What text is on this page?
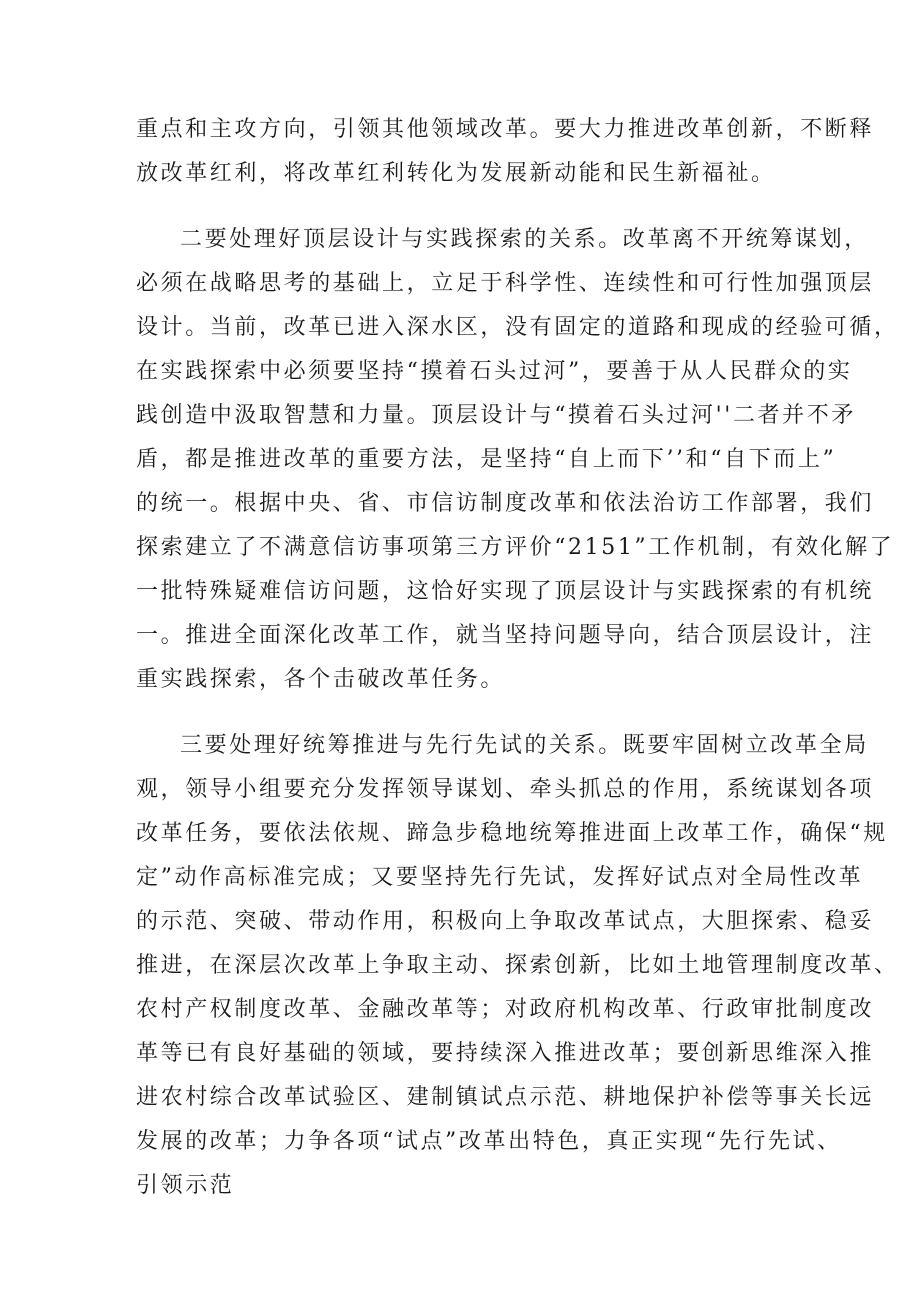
重点和主攻方向，引领其他领域改革。要大力推进改革创新，不断释
放改革红利，将改革红利转化为发展新动能和民生新福祉。
二要处理好顶层设计与实践探索的关系。改革离不开统筹谋划，
必须在战略思考的基础上，立足于科学性、连续性和可行性加强顶层
设计。当前，改革已进入深水区，没有固定的道路和现成的经验可循，
在实践探索中必须要坚持“摸着石头过河”，要善于从人民群众的实
践创造中汲取智慧和力量。顶层设计与“摸着石头过河''二者并不矛
盾，都是推进改革的重要方法，是坚持“自上而下’’和“自下而上”
的统一。根据中央、省、市信访制度改革和依法治访工作部署，我们
探索建立了不满意信访事项第三方评价“2151”工作机制，有效化解了
一批特殊疑难信访问题，这恰好实现了顶层设计与实践探索的有机统
一。推进全面深化改革工作，就当坚持问题导向，结合顶层设计，注
重实践探索，各个击破改革任务。
三要处理好统筹推进与先行先试的关系。既要牢固树立改革全局
观，领导小组要充分发挥领导谋划、牵头抓总的作用，系统谋划各项
改革任务，要依法依规、蹄急步稳地统筹推进面上改革工作，确保“规
定”动作高标准完成；又要坚持先行先试，发挥好试点对全局性改革
的示范、突破、带动作用，积极向上争取改革试点，大胆探索、稳妥
推进，在深层次改革上争取主动、探索创新，比如土地管理制度改革、
农村产权制度改革、金融改革等；对政府机构改革、行政审批制度改
革等已有良好基础的领域，要持续深入推进改革；要创新思维深入推
进农村综合改革试验区、建制镇试点示范、耕地保护补偿等事关长远
发展的改革；力争各项“试点”改革出特色，真正实现“先行先试、
引领示范
